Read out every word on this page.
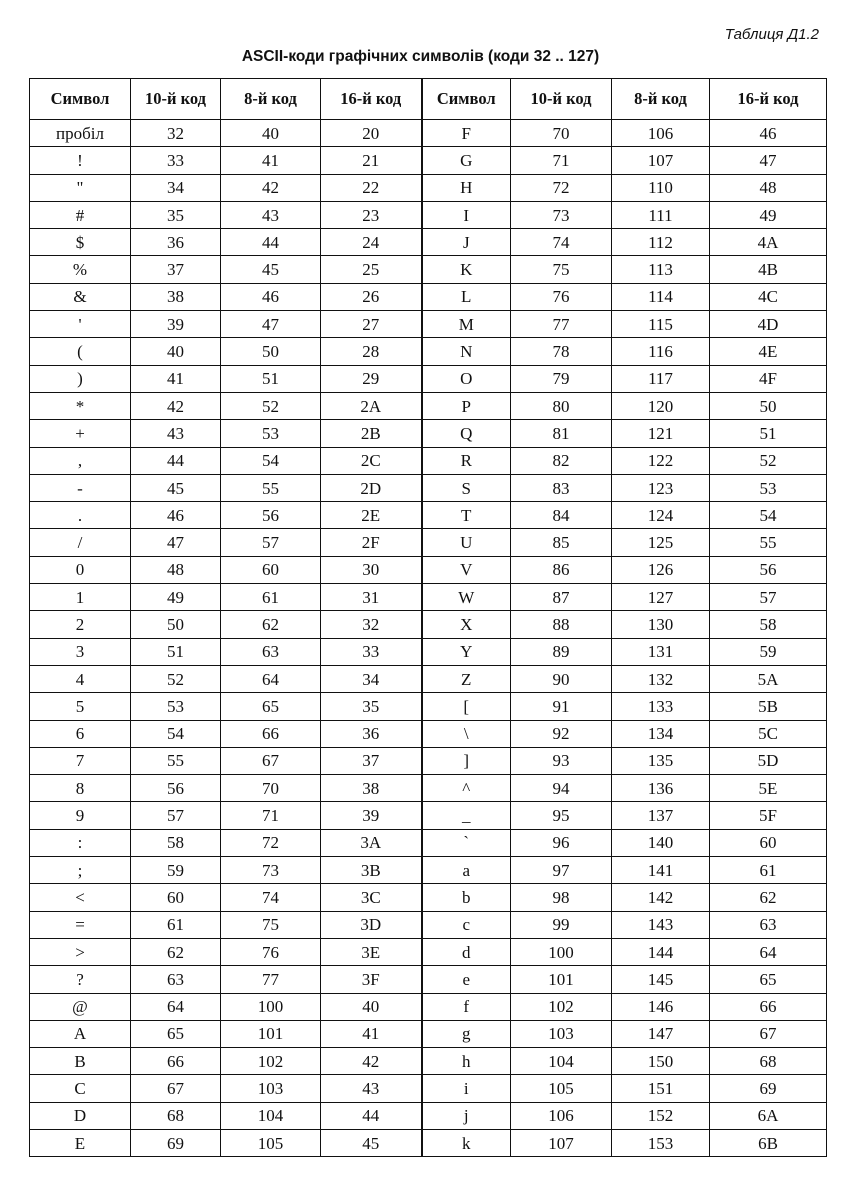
Таблиця Д1.2
ASCII-коди графічних символів (коди 32 .. 127)
Символ	10-й код	8-й код	16-й код	Символ	10-й код	8-й код	16-й код
пробіл	32	40	20	F	70	106	46
!	33	41	21	G	71	107	47
"	34	42	22	H	72	110	48
#	35	43	23	I	73	111	49
$	36	44	24	J	74	112	4A
%	37	45	25	K	75	113	4B
&	38	46	26	L	76	114	4C
'	39	47	27	M	77	115	4D
(	40	50	28	N	78	116	4E
)	41	51	29	O	79	117	4F
*	42	52	2A	P	80	120	50
+	43	53	2B	Q	81	121	51
,	44	54	2C	R	82	122	52
-	45	55	2D	S	83	123	53
.	46	56	2E	T	84	124	54
/	47	57	2F	U	85	125	55
0	48	60	30	V	86	126	56
1	49	61	31	W	87	127	57
2	50	62	32	X	88	130	58
3	51	63	33	Y	89	131	59
4	52	64	34	Z	90	132	5A
5	53	65	35	[	91	133	5B
6	54	66	36	\	92	134	5C
7	55	67	37	]	93	135	5D
8	56	70	38	^	94	136	5E
9	57	71	39	_	95	137	5F
:	58	72	3A	`	96	140	60
;	59	73	3B	a	97	141	61
<	60	74	3C	b	98	142	62
=	61	75	3D	c	99	143	63
>	62	76	3E	d	100	144	64
?	63	77	3F	e	101	145	65
@	64	100	40	f	102	146	66
A	65	101	41	g	103	147	67
B	66	102	42	h	104	150	68
C	67	103	43	i	105	151	69
D	68	104	44	j	106	152	6A
E	69	105	45	k	107	153	6B
